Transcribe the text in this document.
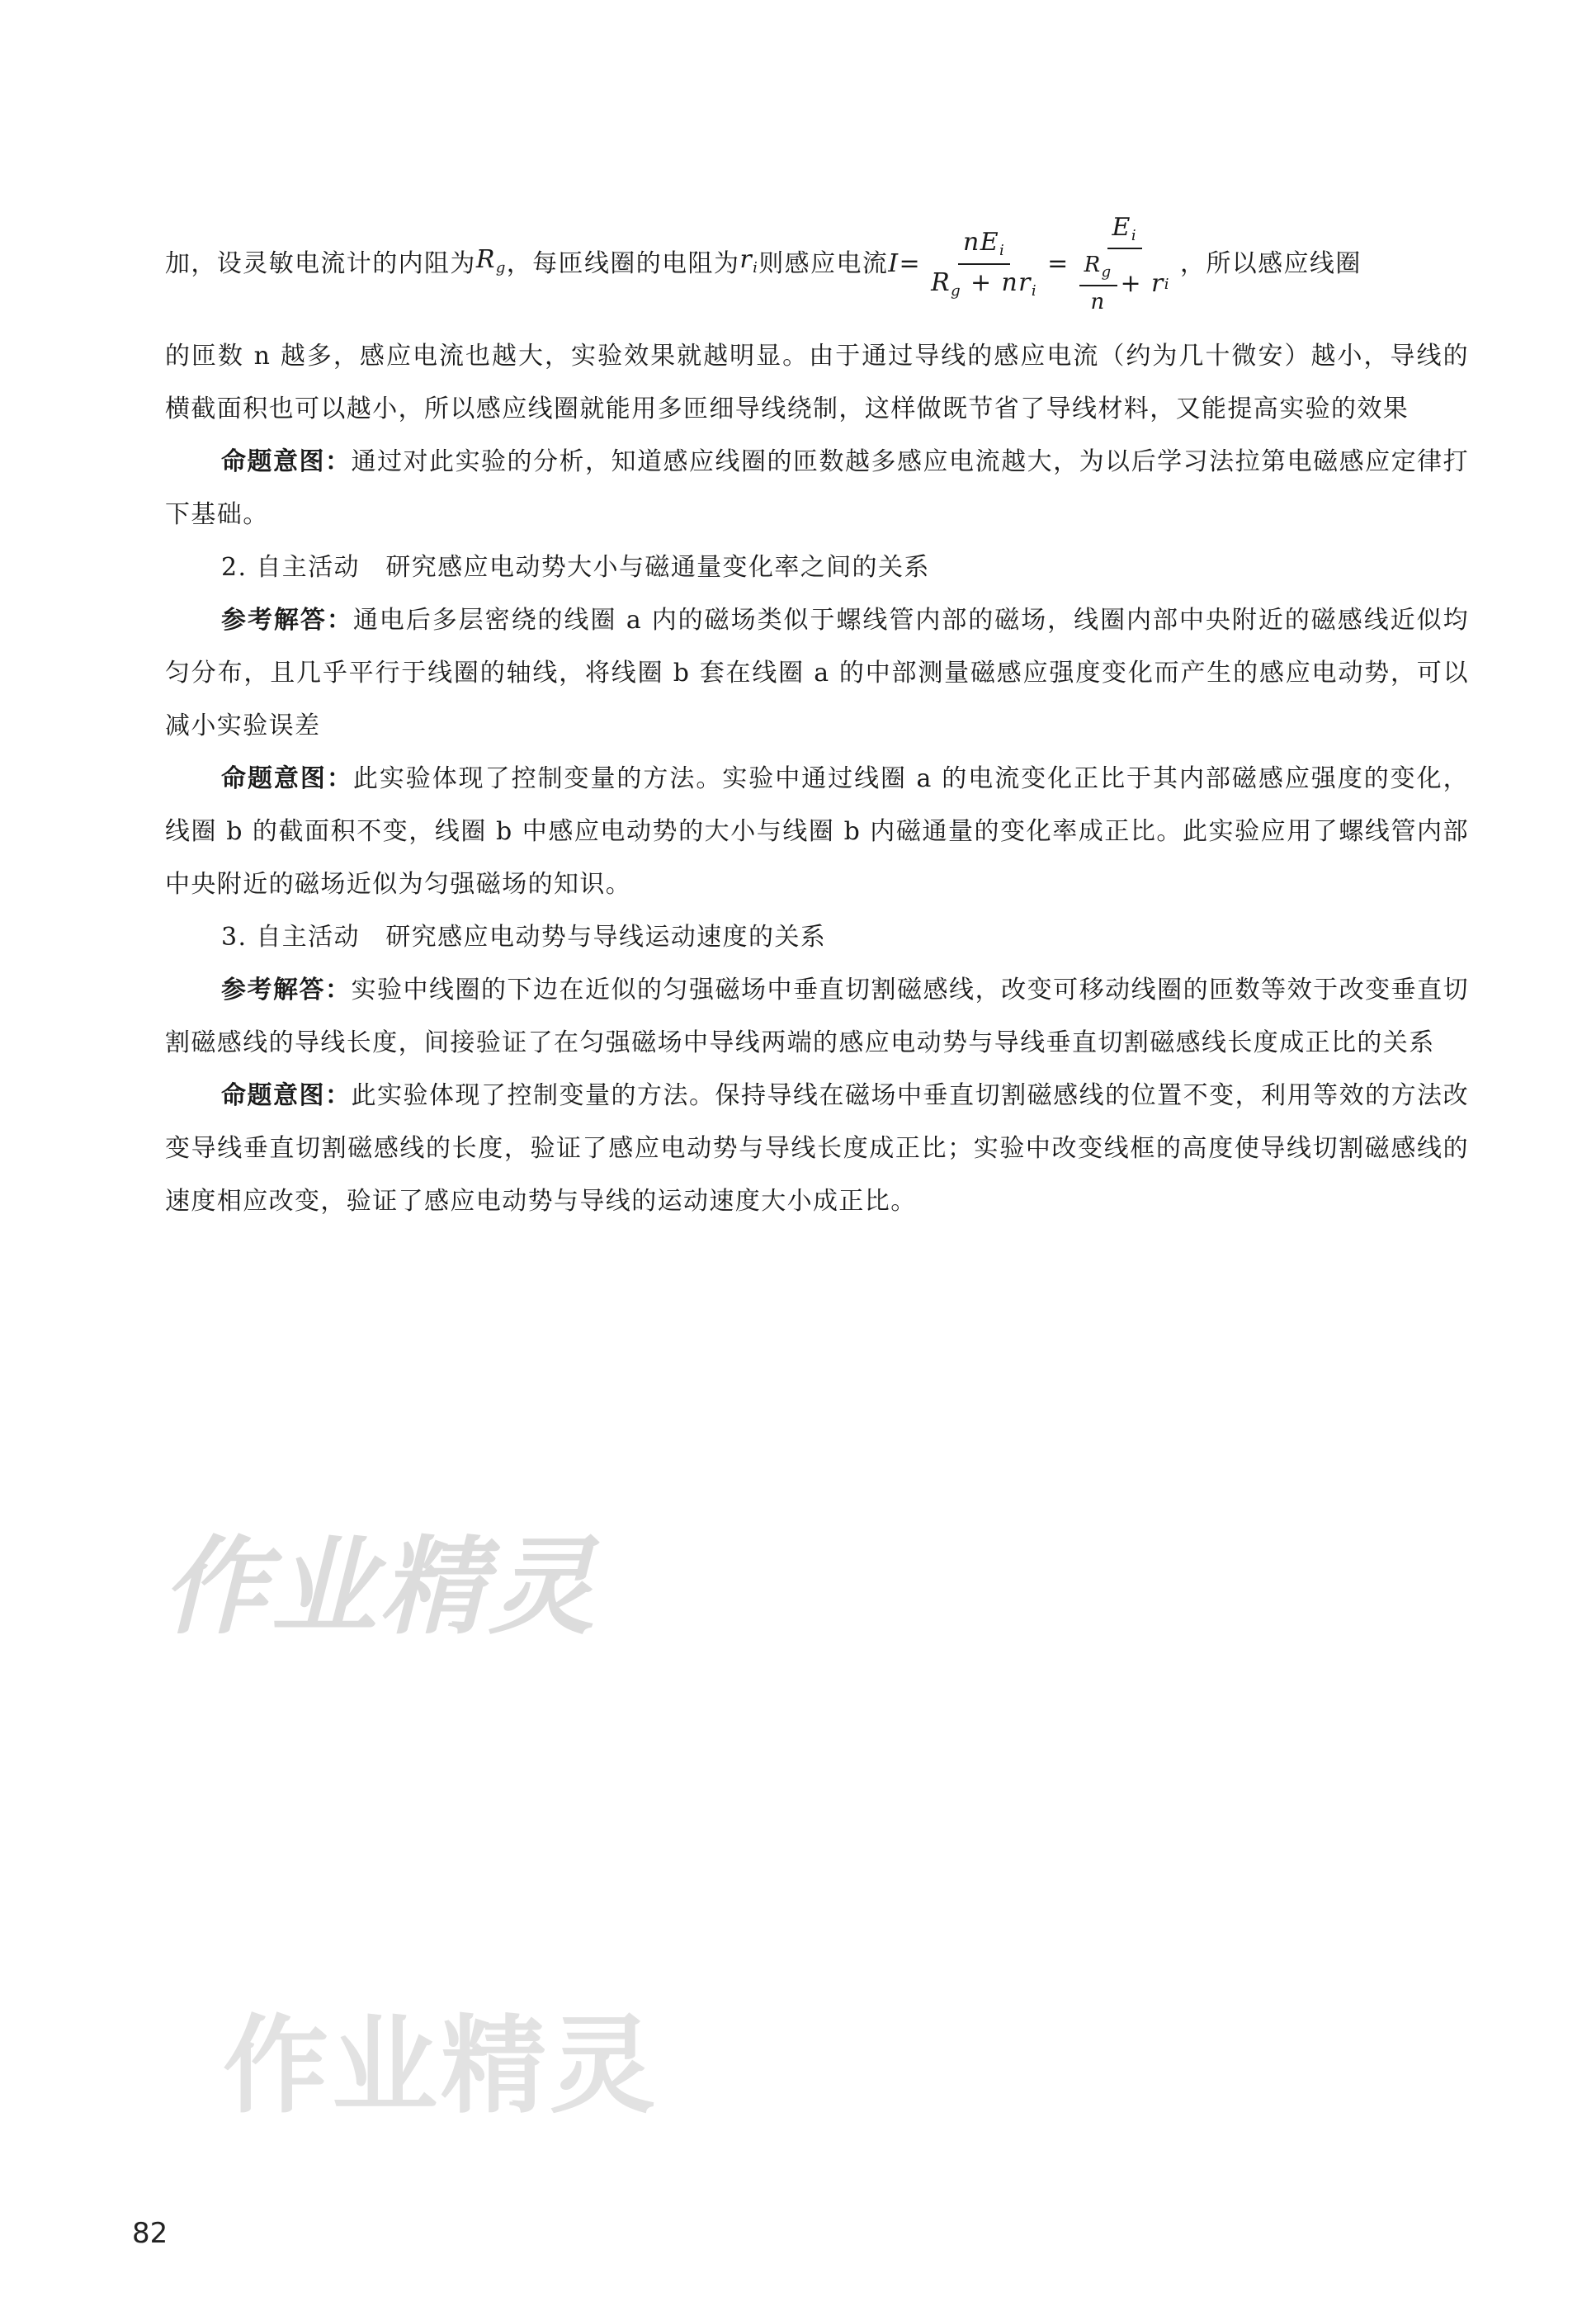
加，设灵敏电流计的内阻为 $R_g$ ，每匝线圈的电阻为 $r_i$ 则感应电流 $I = \frac{nE_i}{R_g + nr_i} = \frac{E_i}{\frac{R_g}{n} + r i}$ ，所以感应线圈

的匝数 n 越多，感应电流也越大，实验效果就越明显。由于通过导线的感应电流（约为几十微安）越小，导线的横截面积也可以越小，所以感应线圈就能用多匝细导线绕制，这样做既节省了导线材料，又能提高实验的效果

命题意图：通过对此实验的分析，知道感应线圈的匝数越多感应电流越大，为以后学习法拉第电磁感应定律打下基础。

2. 自主活动　研究感应电动势大小与磁通量变化率之间的关系

参考解答：通电后多层密绕的线圈 a 内的磁场类似于螺线管内部的磁场，线圈内部中央附近的磁感线近似均匀分布，且几乎平行于线圈的轴线，将线圈 b 套在线圈 a 的中部测量磁感应强度变化而产生的感应电动势，可以减小实验误差

命题意图：此实验体现了控制变量的方法。实验中通过线圈 a 的电流变化正比于其内部磁感应强度的变化，线圈 b 的截面积不变，线圈 b 中感应电动势的大小与线圈 b 内磁通量的变化率成正比。此实验应用了螺线管内部中央附近的磁场近似为匀强磁场的知识。

3. 自主活动　研究感应电动势与导线运动速度的关系

参考解答：实验中线圈的下边在近似的匀强磁场中垂直切割磁感线，改变可移动线圈的匝数等效于改变垂直切割磁感线的导线长度，间接验证了在匀强磁场中导线两端的感应电动势与导线垂直切割磁感线长度成正比的关系

命题意图：此实验体现了控制变量的方法。保持导线在磁场中垂直切割磁感线的位置不变，利用等效的方法改变导线垂直切割磁感线的长度，验证了感应电动势与导线长度成正比；实验中改变线框的高度使导线切割磁感线的速度相应改变，验证了感应电动势与导线的运动速度大小成正比。

作业精灵
作业精灵
82
